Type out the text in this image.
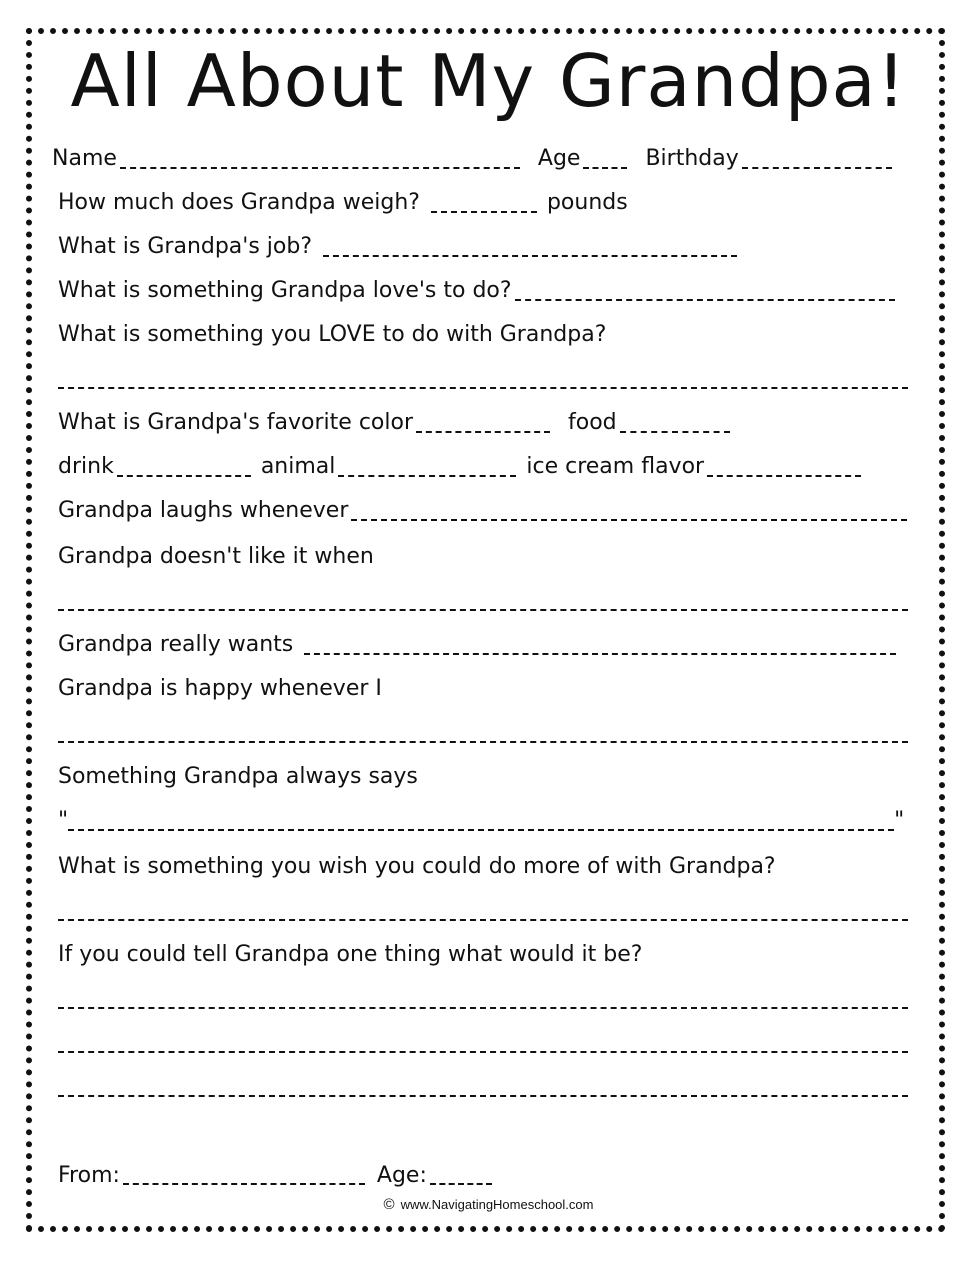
All About My Grandpa!
Name	Age	Birthday
How much does Grandpa weigh?	pounds
What is Grandpa's job?
What is something Grandpa love's to do?
What is something you LOVE to do with Grandpa?
What is Grandpa's favorite color	food
drink	animal	ice cream flavor
Grandpa laughs whenever
Grandpa doesn't like it when
Grandpa really wants
Grandpa is happy whenever I
Something Grandpa always says
"	"
What is something you wish you could do more of with Grandpa?
If you could tell Grandpa one thing what would it be?
From:	Age:
© www.NavigatingHomeschool.com
